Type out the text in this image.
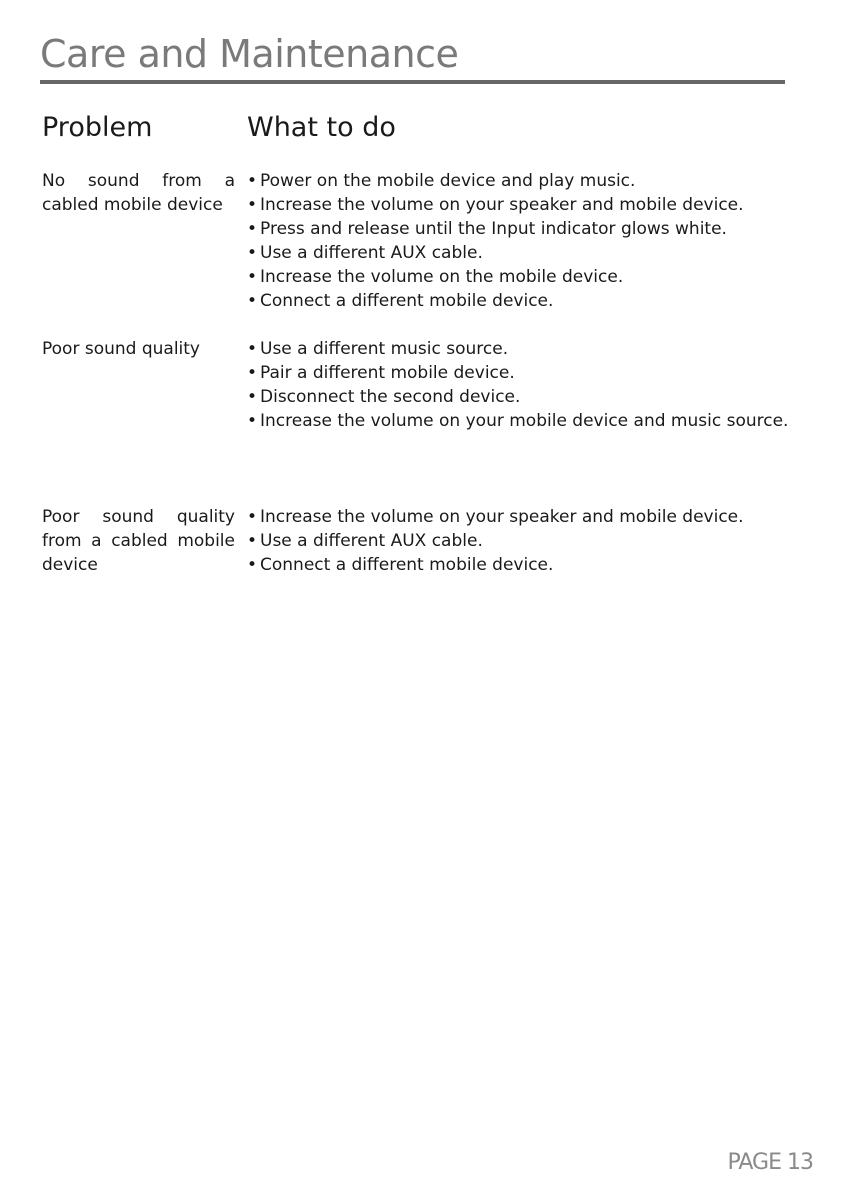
Care and Maintenance
Problem	What to do
No sound from a
cabled mobile device
• Power on the mobile device and play music.
• Increase the volume on your speaker and mobile device.
• Press and release until the Input indicator glows white.
• Use a different AUX cable.
• Increase the volume on the mobile device.
• Connect a different mobile device.
Poor sound quality	• Use a different music source.
• Pair a different mobile device.
• Disconnect the second device.
• Increase the volume on your mobile device and music source.
Poor sound quality
from a cabled mobile
device
• Increase the volume on your speaker and mobile device.
• Use a different AUX cable.
• Connect a different mobile device.
PAGE 13
